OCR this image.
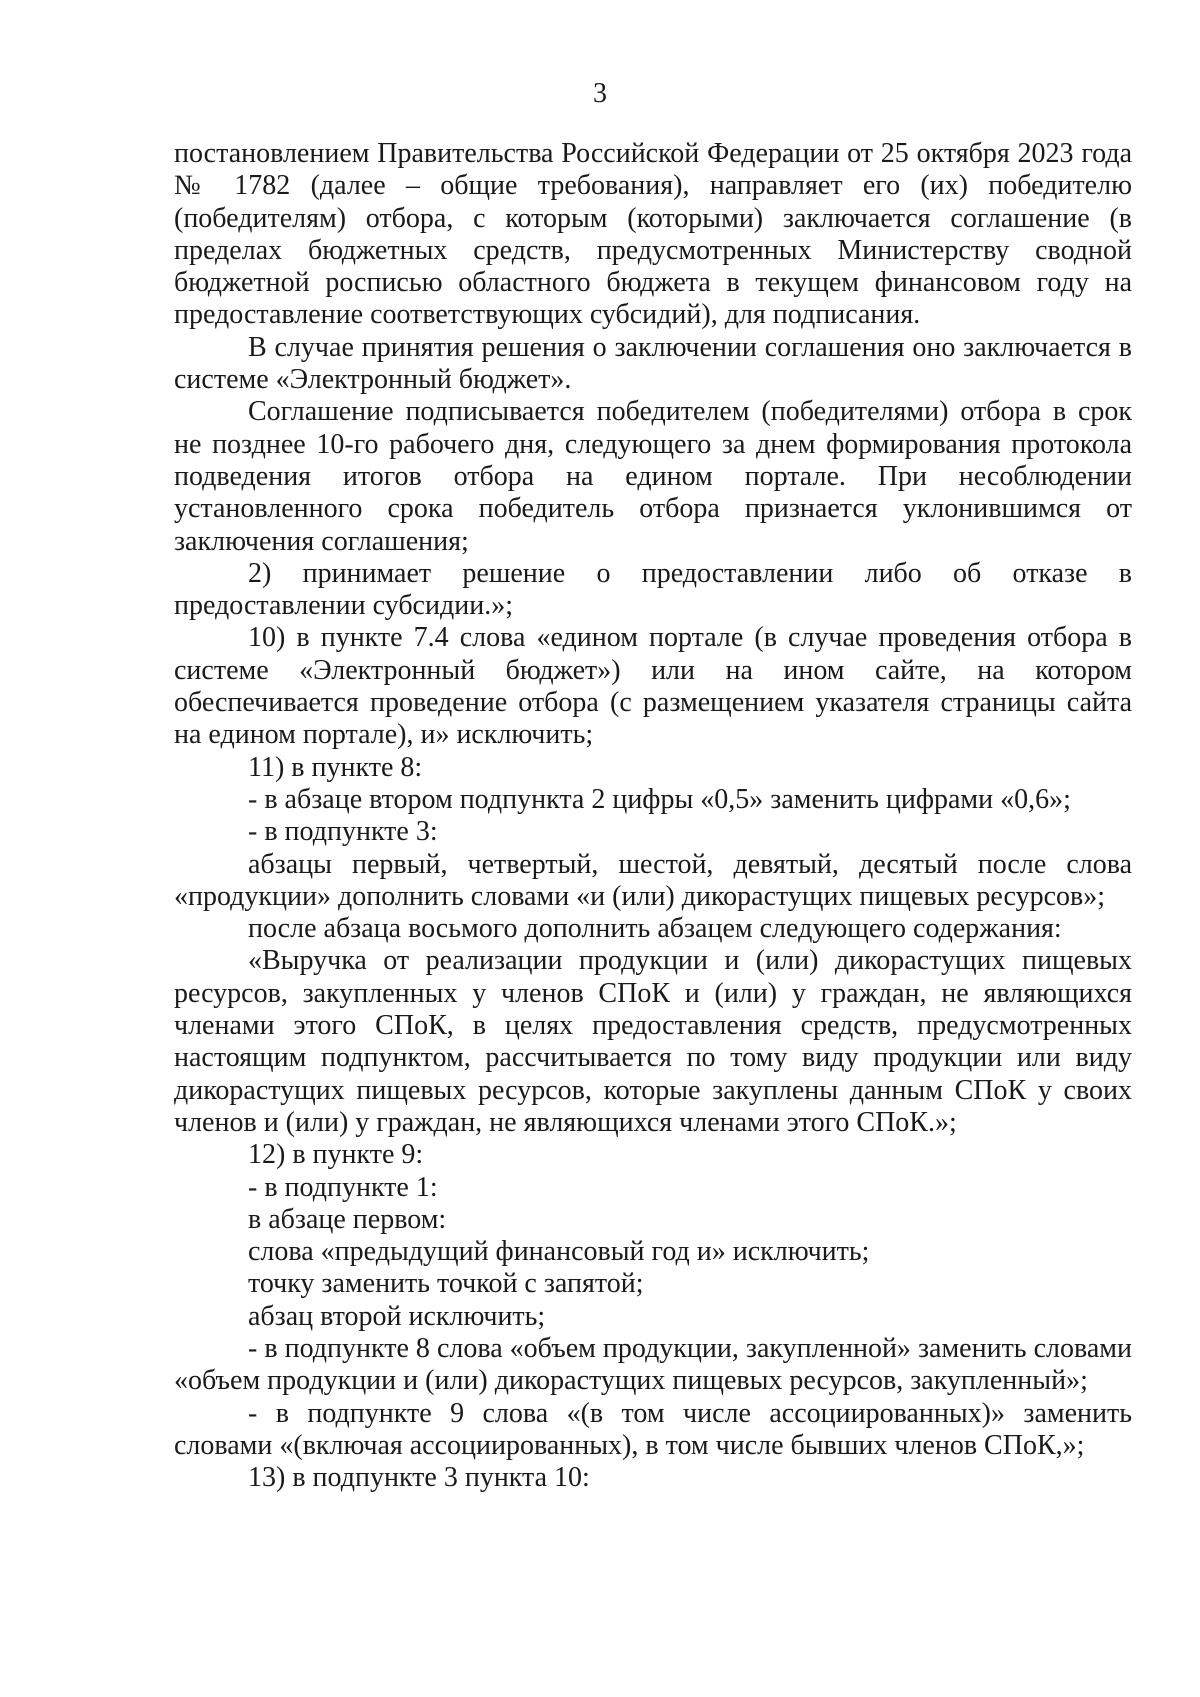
3

постановлением Правительства Российской Федерации от 25 октября 2023 года № 1782 (далее – общие требования), направляет его (их) победителю (победителям) отбора, с которым (которыми) заключается соглашение (в пределах бюджетных средств, предусмотренных Министерству сводной бюджетной росписью областного бюджета в текущем финансовом году на предоставление соответствующих субсидий), для подписания.

В случае принятия решения о заключении соглашения оно заключается в системе «Электронный бюджет».

Соглашение подписывается победителем (победителями) отбора в срок не позднее 10-го рабочего дня, следующего за днем формирования протокола подведения итогов отбора на едином портале. При несоблюдении установленного срока победитель отбора признается уклонившимся от заключения соглашения;

2) принимает решение о предоставлении либо об отказе в предоставлении субсидии.»;

10) в пункте 7.4 слова «едином портале (в случае проведения отбора в системе «Электронный бюджет») или на ином сайте, на котором обеспечивается проведение отбора (с размещением указателя страницы сайта на едином портале), и» исключить;

11) в пункте 8:

- в абзаце втором подпункта 2 цифры «0,5» заменить цифрами «0,6»;

- в подпункте 3:

абзацы первый, четвертый, шестой, девятый, десятый после слова «продукции» дополнить словами «и (или) дикорастущих пищевых ресурсов»;

после абзаца восьмого дополнить абзацем следующего содержания:

«Выручка от реализации продукции и (или) дикорастущих пищевых ресурсов, закупленных у членов СПоК и (или) у граждан, не являющихся членами этого СПоК, в целях предоставления средств, предусмотренных настоящим подпунктом, рассчитывается по тому виду продукции или виду дикорастущих пищевых ресурсов, которые закуплены данным СПоК у своих членов и (или) у граждан, не являющихся членами этого СПоК.»;

12) в пункте 9:

- в подпункте 1:

в абзаце первом:

слова «предыдущий финансовый год и» исключить;

точку заменить точкой с запятой;

абзац второй исключить;

- в подпункте 8 слова «объем продукции, закупленной» заменить словами «объем продукции и (или) дикорастущих пищевых ресурсов, закупленный»;

- в подпункте 9 слова «(в том числе ассоциированных)» заменить словами «(включая ассоциированных), в том числе бывших членов СПоК,»;

13) в подпункте 3 пункта 10:
